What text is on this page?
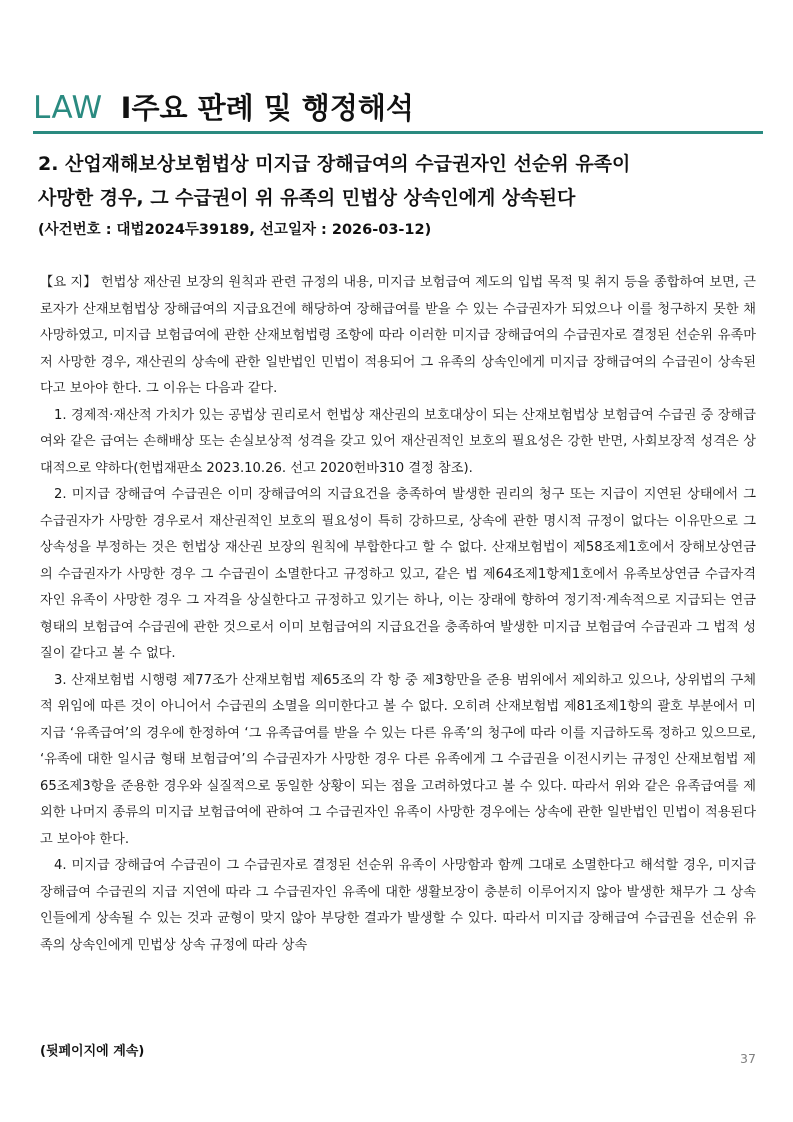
LAW Ⅰ주요 판례 및 행정해석
2. 산업재해보상보험법상 미지급 장해급여의 수급권자인 선순위 유족이
사망한 경우, 그 수급권이 위 유족의 민법상 상속인에게 상속된다
(사건번호 : 대법2024두39189, 선고일자 : 2026-03-12)

【요 지】 헌법상 재산권 보장의 원칙과 관련 규정의 내용, 미지급 보험급여 제도의 입법 목적 및 취지 등을 종합하여 보면, 근로자가 산재보험법상 장해급여의 지급요건에 해당하여 장해급여를 받을 수 있는 수급권자가 되었으나 이를 청구하지 못한 채 사망하였고, 미지급 보험급여에 관한 산재보험법령 조항에 따라 이러한 미지급 장해급여의 수급권자로 결정된 선순위 유족마저 사망한 경우, 재산권의 상속에 관한 일반법인 민법이 적용되어 그 유족의 상속인에게 미지급 장해급여의 수급권이 상속된다고 보아야 한다. 그 이유는 다음과 같다.

1. 경제적·재산적 가치가 있는 공법상 권리로서 헌법상 재산권의 보호대상이 되는 산재보험법상 보험급여 수급권 중 장해급여와 같은 급여는 손해배상 또는 손실보상적 성격을 갖고 있어 재산권적인 보호의 필요성은 강한 반면, 사회보장적 성격은 상대적으로 약하다(헌법재판소 2023.10.26. 선고 2020헌바310 결정 참조).

2. 미지급 장해급여 수급권은 이미 장해급여의 지급요건을 충족하여 발생한 권리의 청구 또는 지급이 지연된 상태에서 그 수급권자가 사망한 경우로서 재산권적인 보호의 필요성이 특히 강하므로, 상속에 관한 명시적 규정이 없다는 이유만으로 그 상속성을 부정하는 것은 헌법상 재산권 보장의 원칙에 부합한다고 할 수 없다. 산재보험법이 제58조제1호에서 장해보상연금의 수급권자가 사망한 경우 그 수급권이 소멸한다고 규정하고 있고, 같은 법 제64조제1항제1호에서 유족보상연금 수급자격자인 유족이 사망한 경우 그 자격을 상실한다고 규정하고 있기는 하나, 이는 장래에 향하여 정기적·계속적으로 지급되는 연금 형태의 보험급여 수급권에 관한 것으로서 이미 보험급여의 지급요건을 충족하여 발생한 미지급 보험급여 수급권과 그 법적 성질이 같다고 볼 수 없다.

3. 산재보험법 시행령 제77조가 산재보험법 제65조의 각 항 중 제3항만을 준용 범위에서 제외하고 있으나, 상위법의 구체적 위임에 따른 것이 아니어서 수급권의 소멸을 의미한다고 볼 수 없다. 오히려 산재보험법 제81조제1항의 괄호 부분에서 미지급 ‘유족급여’의 경우에 한정하여 ‘그 유족급여를 받을 수 있는 다른 유족’의 청구에 따라 이를 지급하도록 정하고 있으므로, ‘유족에 대한 일시금 형태 보험급여’의 수급권자가 사망한 경우 다른 유족에게 그 수급권을 이전시키는 규정인 산재보험법 제65조제3항을 준용한 경우와 실질적으로 동일한 상황이 되는 점을 고려하였다고 볼 수 있다. 따라서 위와 같은 유족급여를 제외한 나머지 종류의 미지급 보험급여에 관하여 그 수급권자인 유족이 사망한 경우에는 상속에 관한 일반법인 민법이 적용된다고 보아야 한다.

4. 미지급 장해급여 수급권이 그 수급권자로 결정된 선순위 유족이 사망함과 함께 그대로 소멸한다고 해석할 경우, 미지급 장해급여 수급권의 지급 지연에 따라 그 수급권자인 유족에 대한 생활보장이 충분히 이루어지지 않아 발생한 채무가 그 상속인들에게 상속될 수 있는 것과 균형이 맞지 않아 부당한 결과가 발생할 수 있다. 따라서 미지급 장해급여 수급권을 선순위 유족의 상속인에게 민법상 상속 규정에 따라 상속

(뒷페이지에 계속)	37
